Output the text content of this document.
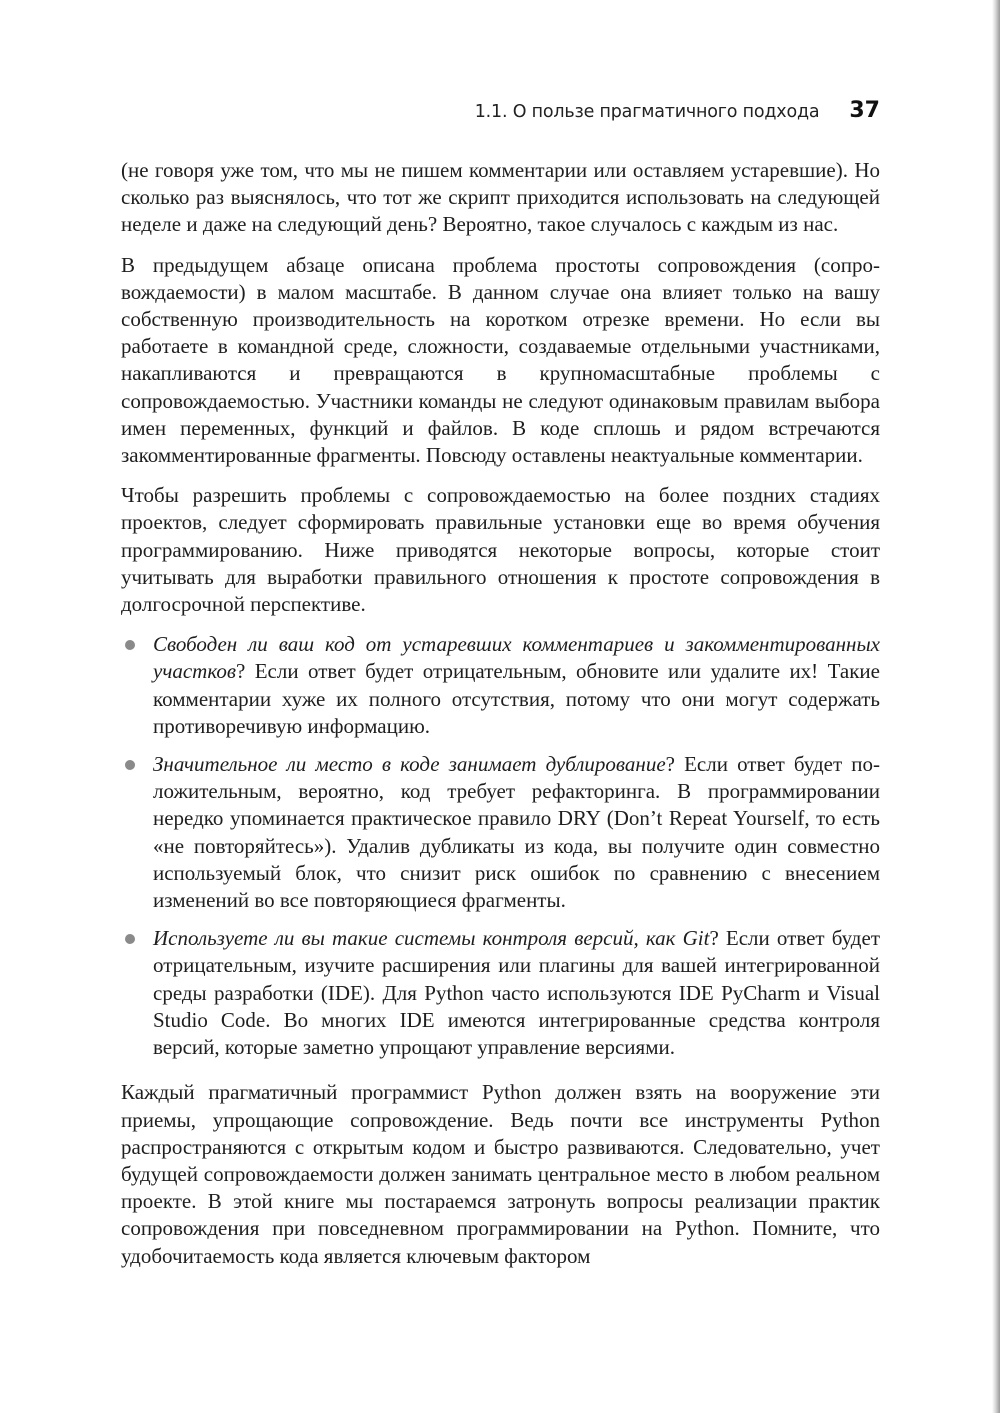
1.1. О пользе прагматичного подхода 37

(не говоря уже том, что мы не пишем комментарии или оставляем устаревшие). Но сколько раз выяснялось, что тот же скрипт приходится использовать на следующей неделе и даже на следующий день? Вероятно, такое случалось с каждым из нас.

В предыдущем абзаце описана проблема простоты сопровождения (сопровождаемости) в малом масштабе. В данном случае она влияет только на вашу собственную производительность на коротком отрезке времени. Но если вы работаете в командной среде, сложности, создаваемые отдельными участниками, накапливаются и превращаются в крупномасштабные проблемы с сопровождаемостью. Участники команды не следуют одинаковым правилам выбора имен переменных, функций и файлов. В коде сплошь и рядом встречаются закомментированные фрагменты. Повсюду оставлены неактуальные комментарии.

Чтобы разрешить проблемы с сопровождаемостью на более поздних стадиях проектов, следует сформировать правильные установки еще во время обучения программированию. Ниже приводятся некоторые вопросы, которые стоит учитывать для выработки правильного отношения к простоте сопровождения в долгосрочной перспективе.

Свободен ли ваш код от устаревших комментариев и закомментированных участков? Если ответ будет отрицательным, обновите или удалите их! Такие комментарии хуже их полного отсутствия, потому что они могут содержать противоречивую информацию.
Значительное ли место в коде занимает дублирование? Если ответ будет положительным, вероятно, код требует рефакторинга. В программировании нередко упоминается практическое правило DRY (Don’t Repeat Yourself, то есть «не повторяйтесь»). Удалив дубликаты из кода, вы получите один совместно используемый блок, что снизит риск ошибок по сравнению с внесением изменений во все повторяющиеся фрагменты.
Используете ли вы такие системы контроля версий, как Git? Если ответ будет отрицательным, изучите расширения или плагины для вашей интегрированной среды разработки (IDE). Для Python часто используются IDE PyCharm и Visual Studio Code. Во многих IDE имеются интегрированные средства контроля версий, которые заметно упрощают управление версиями.

Каждый прагматичный программист Python должен взять на вооружение эти приемы, упрощающие сопровождение. Ведь почти все инструменты Python распространяются с открытым кодом и быстро развиваются. Следовательно, учет будущей сопровождаемости должен занимать центральное место в любом реальном проекте. В этой книге мы постараемся затронуть вопросы реализации практик сопровождения при повседневном программировании на Python. Помните, что удобочитаемость кода является ключевым фактором
